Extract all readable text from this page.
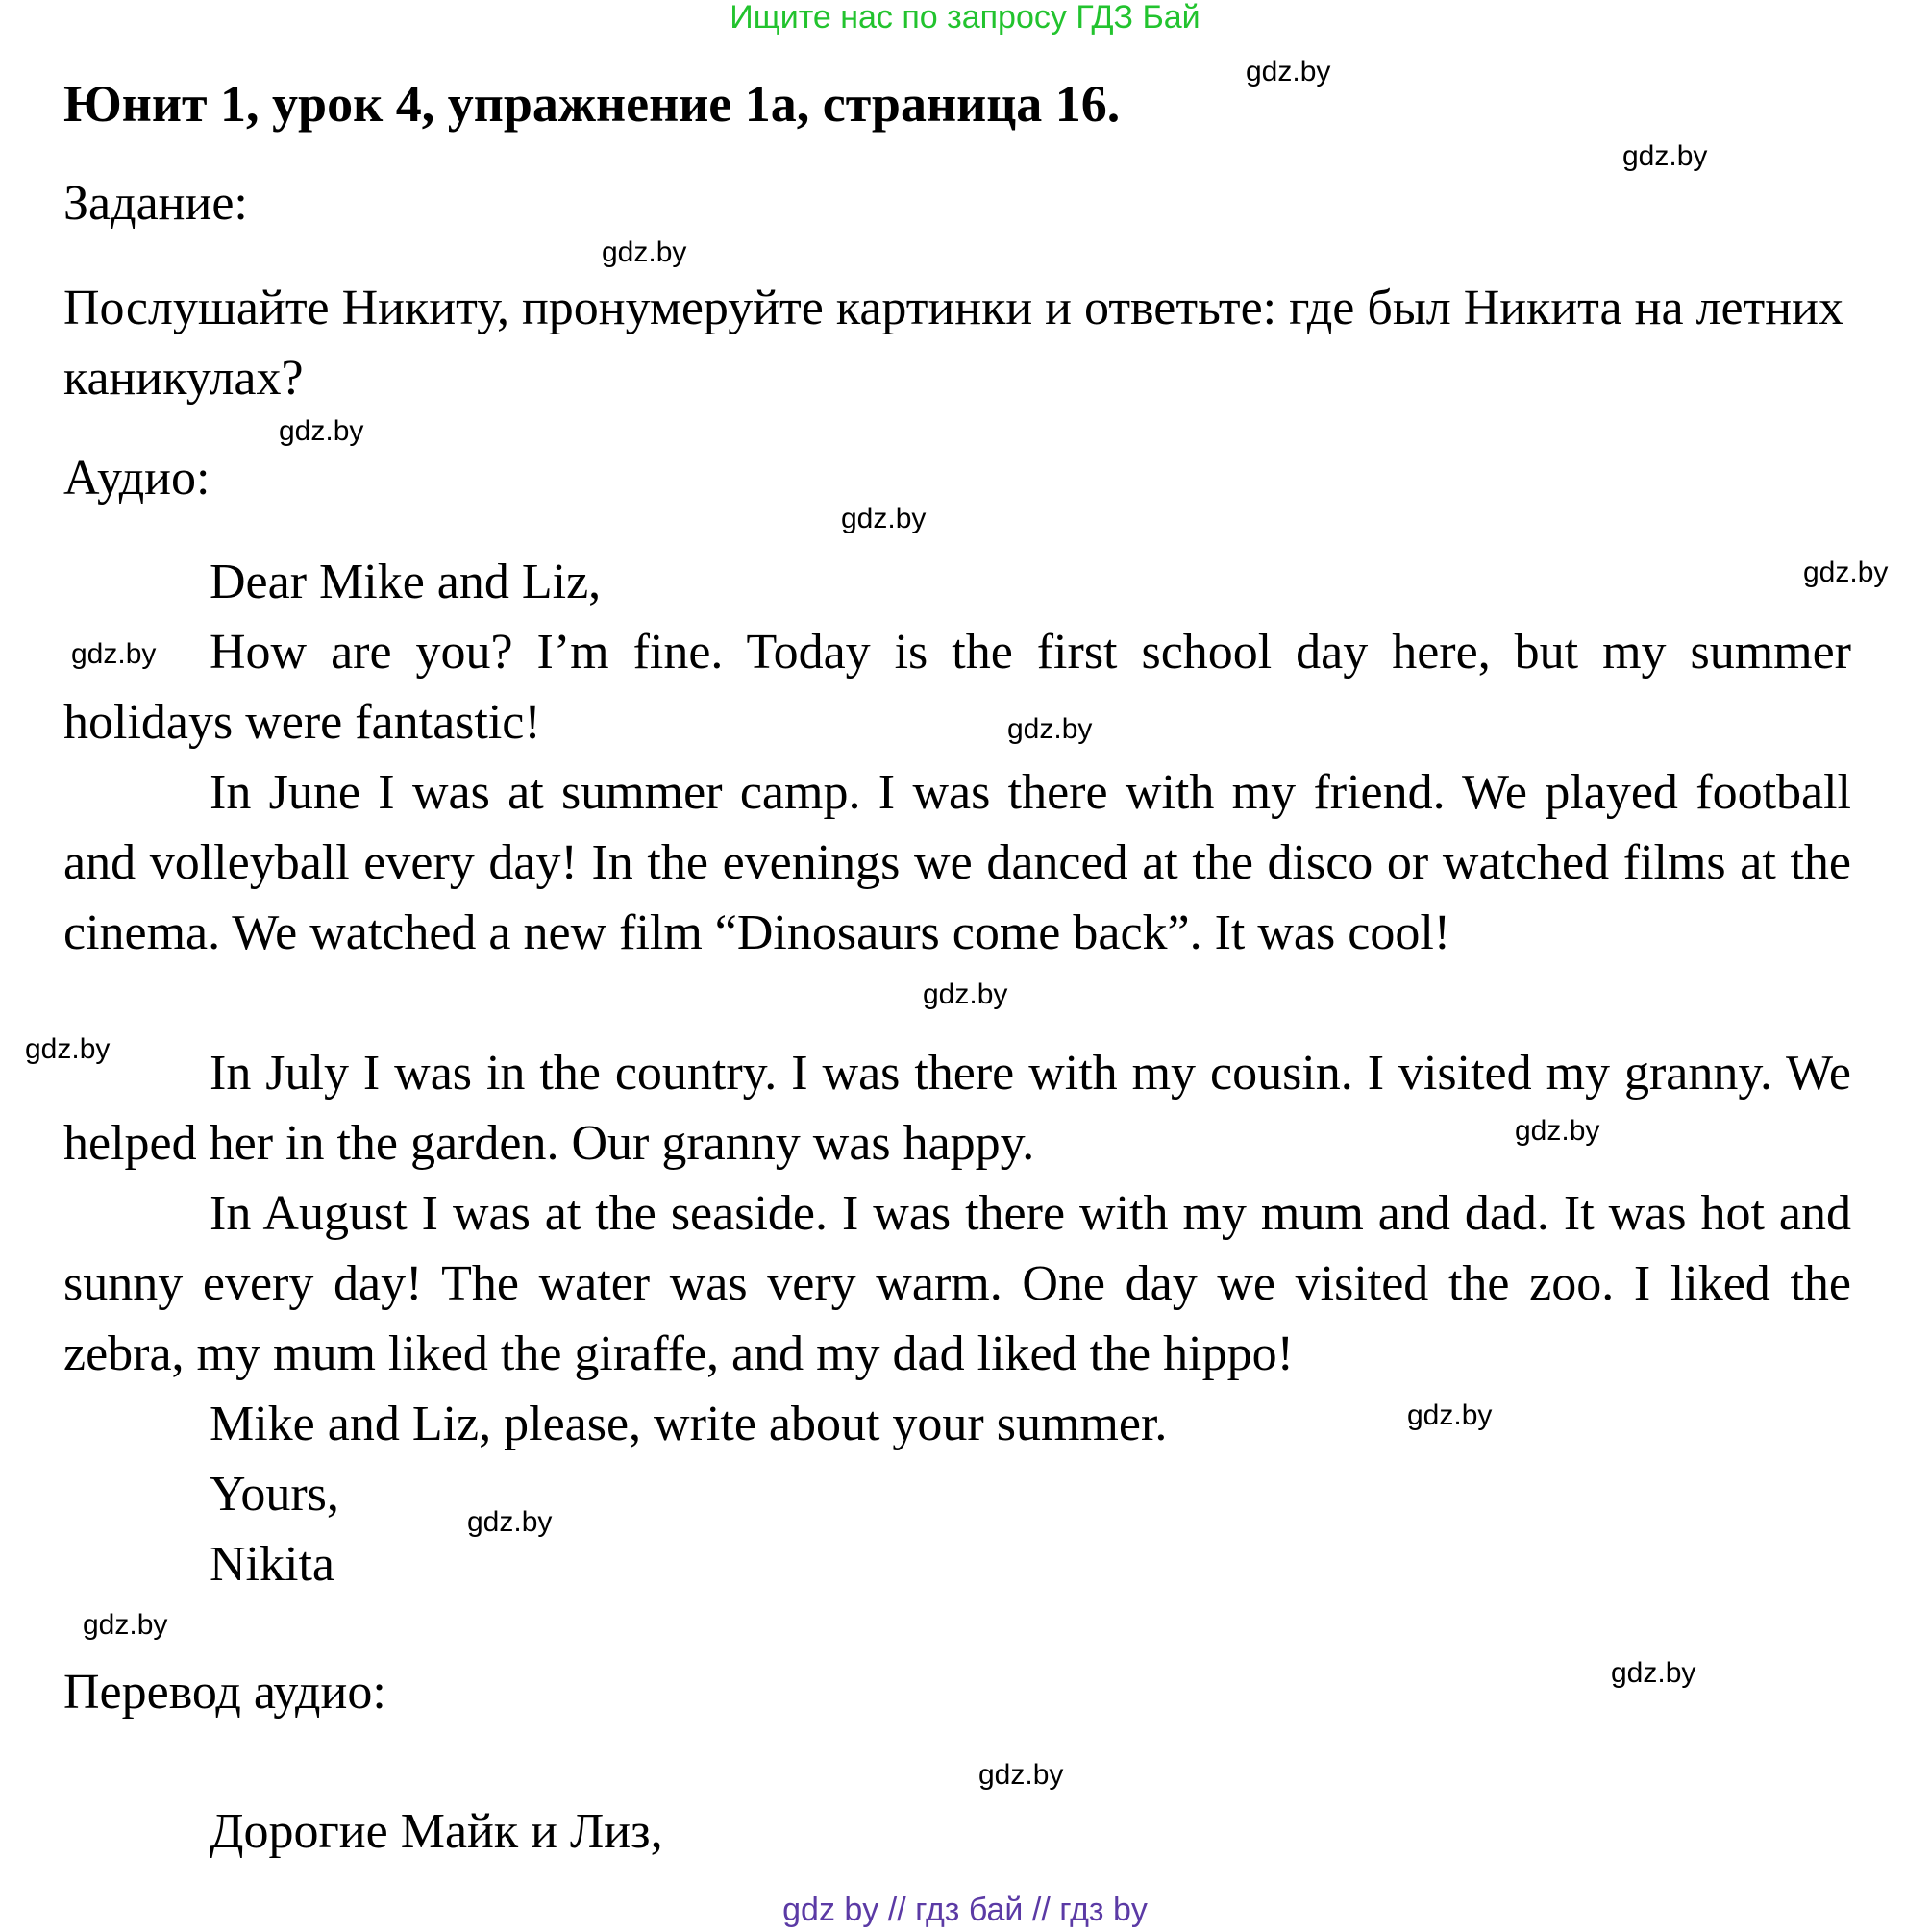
Ищите нас по запросу ГДЗ Бай
Юнит 1, урок 4, упражнение 1а, страница 16.
Задание:

Послушайте Никиту, пронумеруйте картинки и ответьте: где был Никита на летних каникулах?

Аудио:
Dear Mike and Liz,

How are you? I’m fine. Today is the first school day here, but my summer holidays were fantastic!

In June I was at summer camp. I was there with my friend. We played football and volleyball every day! In the evenings we danced at the disco or watched films at the cinema. We watched a new film “Dinosaurs come back”. It was cool!

In July I was in the country. I was there with my cousin. I visited my granny. We helped her in the garden. Our granny was happy.

In August I was at the seaside. I was there with my mum and dad. It was hot and sunny every day! The water was very warm. One day we visited the zoo. I liked the zebra, my mum liked the giraffe, and my dad liked the hippo!

Mike and Liz, please, write about your summer.
Yours,
Nikita
Перевод аудио:
Дорогие Майк и Лиз,
gdz.by
gdz.by
gdz.by
gdz.by
gdz.by
gdz.by
gdz.by
gdz.by
gdz.by
gdz.by
gdz.by
gdz.by
gdz.by
gdz.by
gdz.by
gdz.by
gdz by // гдз бай // гдз by
